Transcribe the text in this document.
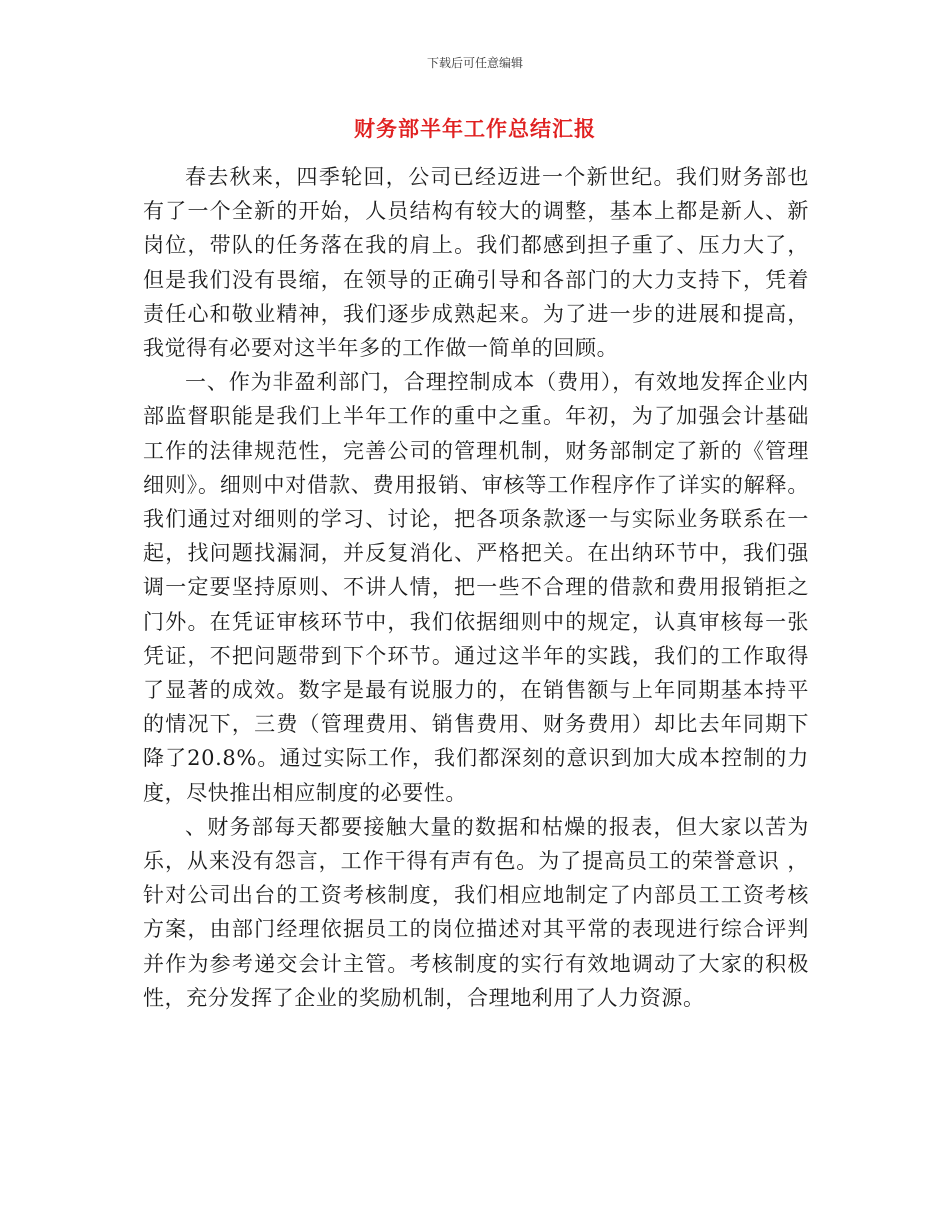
下载后可任意编辑
财务部半年工作总结汇报

春去秋来，四季轮回，公司已经迈进一个新世纪。我们财务部也有了一个全新的开始，人员结构有较大的调整，基本上都是新人、新岗位，带队的任务落在我的肩上。我们都感到担子重了、压力大了，但是我们没有畏缩，在领导的正确引导和各部门的大力支持下，凭着责任心和敬业精神，我们逐步成熟起来。为了进一步的进展和提高，我觉得有必要对这半年多的工作做一简单的回顾。

一、作为非盈利部门，合理控制成本（费用），有效地发挥企业内部监督职能是我们上半年工作的重中之重。年初，为了加强会计基础工作的法律规范性，完善公司的管理机制，财务部制定了新的《管理细则》。细则中对借款、费用报销、审核等工作程序作了详实的解释。我们通过对细则的学习、讨论，把各项条款逐一与实际业务联系在一起，找问题找漏洞，并反复消化、严格把关。在出纳环节中，我们强调一定要坚持原则、不讲人情，把一些不合理的借款和费用报销拒之门外。在凭证审核环节中，我们依据细则中的规定，认真审核每一张凭证，不把问题带到下个环节。通过这半年的实践，我们的工作取得了显著的成效。数字是最有说服力的，在销售额与上年同期基本持平的情况下，三费（管理费用、销售费用、财务费用）却比去年同期下降了20.8%。通过实际工作，我们都深刻的意识到加大成本控制的力度，尽快推出相应制度的必要性。

、财务部每天都要接触大量的数据和枯燥的报表，但大家以苦为乐，从来没有怨言，工作干得有声有色。为了提高员工的荣誉意识 ，针对公司出台的工资考核制度，我们相应地制定了内部员工工资考核方案，由部门经理依据员工的岗位描述对其平常的表现进行综合评判并作为参考递交会计主管。考核制度的实行有效地调动了大家的积极性，充分发挥了企业的奖励机制，合理地利用了人力资源。
